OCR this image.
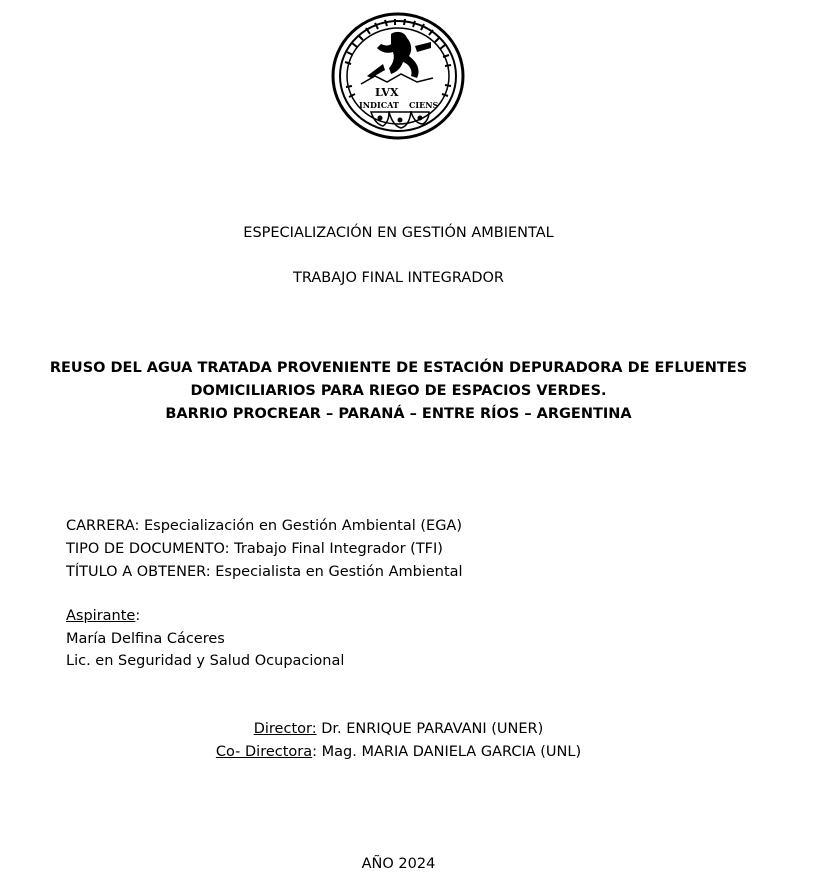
LVX
INDICAT CIENS
ESPECIALIZACIÓN EN GESTIÓN AMBIENTAL
TRABAJO FINAL INTEGRADOR
REUSO DEL AGUA TRATADA PROVENIENTE DE ESTACIÓN DEPURADORA DE EFLUENTES
DOMICILIARIOS PARA RIEGO DE ESPACIOS VERDES.
BARRIO PROCREAR – PARANÁ – ENTRE RÍOS – ARGENTINA
CARRERA: Especialización en Gestión Ambiental (EGA)
TIPO DE DOCUMENTO: Trabajo Final Integrador (TFI)
TÍTULO A OBTENER: Especialista en Gestión Ambiental
Aspirante:
María Delfina Cáceres
Lic. en Seguridad y Salud Ocupacional
Director: Dr. ENRIQUE PARAVANI (UNER)
Co- Directora: Mag. MARIA DANIELA GARCIA (UNL)
AÑO 2024
